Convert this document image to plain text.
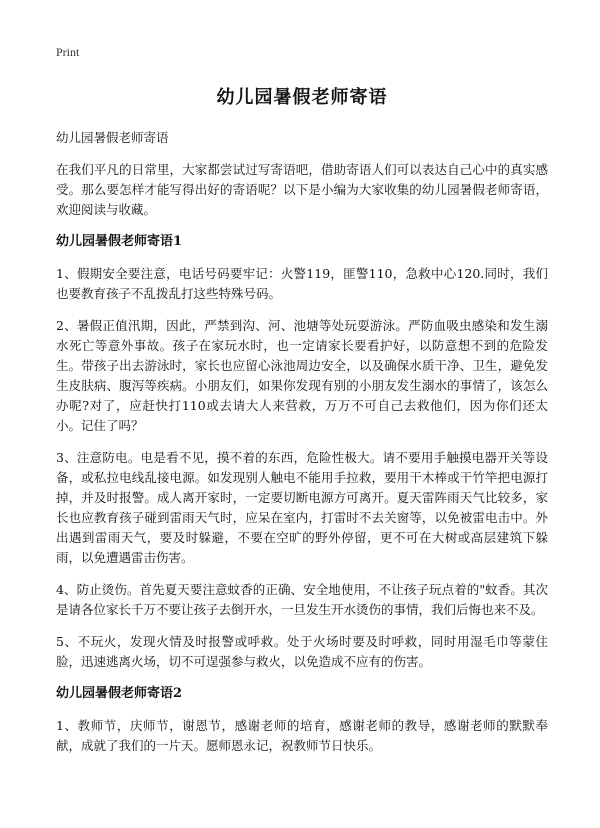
Print
幼儿园暑假老师寄语

幼儿园暑假老师寄语

在我们平凡的日常里，大家都尝试过写寄语吧，借助寄语人们可以表达自己心中的真实感受。那么要怎样才能写得出好的寄语呢？以下是小编为大家收集的幼儿园暑假老师寄语，欢迎阅读与收藏。

幼儿园暑假老师寄语1

1、假期安全要注意，电话号码要牢记：火警119，匪警110，急救中心120.同时，我们也要教育孩子不乱拨乱打这些特殊号码。

2、暑假正值汛期，因此，严禁到沟、河、池塘等处玩耍游泳。严防血吸虫感染和发生溺水死亡等意外事故。孩子在家玩水时，也一定请家长要看护好，以防意想不到的危险发生。带孩子出去游泳时，家长也应留心泳池周边安全，以及确保水质干净、卫生，避免发生皮肤病、腹泻等疾病。小朋友们，如果你发现有别的小朋友发生溺水的事情了，该怎么办呢?对了，应赶快打110或去请大人来营救，万万不可自己去救他们，因为你们还太小。记住了吗？

3、注意防电。电是看不见，摸不着的东西，危险性极大。请不要用手触摸电器开关等设备，或私拉电线乱接电源。如发现别人触电不能用手拉救，要用干木棒或干竹竿把电源打掉，并及时报警。成人离开家时，一定要切断电源方可离开。夏天雷阵雨天气比较多，家长也应教育孩子碰到雷雨天气时，应呆在室内，打雷时不去关窗等，以免被雷电击中。外出遇到雷雨天气，要及时躲避，不要在空旷的野外停留，更不可在大树或高层建筑下躲雨，以免遭遇雷击伤害。

4、防止烫伤。首先夏天要注意蚊香的正确、安全地使用，不让孩子玩点着的"蚊香。其次是请各位家长千万不要让孩子去倒开水，一旦发生开水烫伤的事情，我们后悔也来不及。

5、不玩火，发现火情及时报警或呼救。处于火场时要及时呼救，同时用湿毛巾等蒙住脸，迅速逃离火场，切不可逞强参与救火，以免造成不应有的伤害。

幼儿园暑假老师寄语2

1、教师节，庆师节，谢恩节，感谢老师的培育，感谢老师的教导，感谢老师的默默奉献，成就了我们的一片天。愿师恩永记，祝教师节日快乐。
